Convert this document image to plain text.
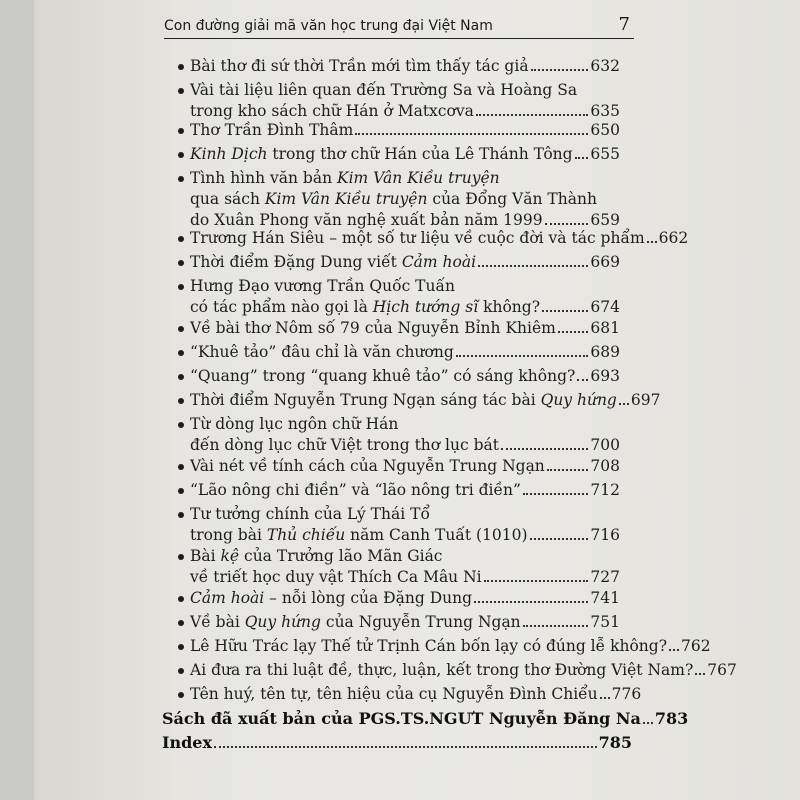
Con đường giải mã văn học trung đại Việt Nam	7
Bài thơ đi sứ thời Trần mới tìm thấy tác giả	632
Vài tài liệu liên quan đến Trường Sa và Hoàng Sa
trong kho sách chữ Hán ở Matxcơva	635
Thơ Trần Đình Thâm	650
Kinh Dịch trong thơ chữ Hán của Lê Thánh Tông 655
Tình hình văn bản Kim Vân Kiều truyện
qua sách Kim Vân Kiều truyện của Đổng Văn Thành
do Xuân Phong văn nghệ xuất bản năm 1999	659
Trương Hán Siêu – một số tư liệu về cuộc đời và tác phẩm 662
Thời điểm Đặng Dung viết Cảm hoài	669
Hưng Đạo vương Trần Quốc Tuấn
có tác phẩm nào gọi là Hịch tướng sĩ không?	674
Về bài thơ Nôm số 79 của Nguyễn Bỉnh Khiêm 681
“Khuê tảo” đâu chỉ là văn chương	689
“Quang” trong “quang khuê tảo” có sáng không? 693
Thời điểm Nguyễn Trung Ngạn sáng tác bài Quy hứng 697
Từ dòng lục ngôn chữ Hán
đến dòng lục chữ Việt trong thơ lục bát	700
Vài nét về tính cách của Nguyễn Trung Ngạn	708
“Lão nông chi điền” và “lão nông tri điền”	712
Tư tưởng chính của Lý Thái Tổ
trong bài Thủ chiếu năm Canh Tuất (1010)	716
Bài kệ của Trưởng lão Mãn Giác
về triết học duy vật Thích Ca Mâu Ni	727
Cảm hoài – nỗi lòng của Đặng Dung	741
Về bài Quy hứng của Nguyễn Trung Ngạn	751
Lê Hữu Trác lạy Thế tử Trịnh Cán bốn lạy có đúng lễ không? 762
Ai đưa ra thi luật đề, thực, luận, kết trong thơ Đường Việt Nam? 767
Tên huý, tên tự, tên hiệu của cụ Nguyễn Đình Chiểu 776
Sách đã xuất bản của PGS.TS.NGƯT Nguyễn Đăng Na 783
Index	785
